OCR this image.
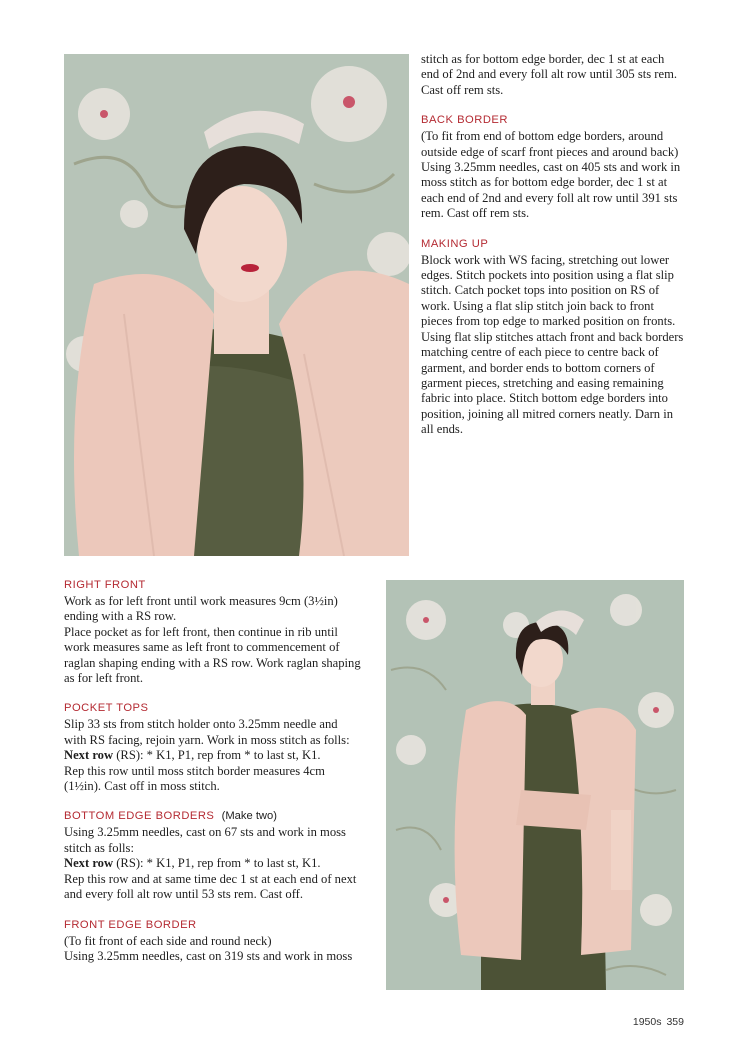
stitch as for bottom edge border, dec 1 st at each

end of 2nd and every foll alt row until 305 sts rem.

Cast off rem sts.

BACK BORDER

(To fit from end of bottom edge borders, around

outside edge of scarf front pieces and around back)

Using 3.25mm needles, cast on 405 sts and work in

moss stitch as for bottom edge border, dec 1 st at

each end of 2nd and every foll alt row until 391 sts

rem. Cast off rem sts.

MAKING UP

Block work with WS facing, stretching out lower

edges. Stitch pockets into position using a flat slip

stitch. Catch pocket tops into position on RS of

work. Using a flat slip stitch join back to front

pieces from top edge to marked position on fronts.

Using flat slip stitches attach front and back borders

matching centre of each piece to centre back of

garment, and border ends to bottom corners of

garment pieces, stretching and easing remaining

fabric into place. Stitch bottom edge borders into

position, joining all mitred corners neatly. Darn in

all ends.

RIGHT FRONT

Work as for left front until work measures 9cm (3½in)

ending with a RS row.

Place pocket as for left front, then continue in rib until

work measures same as left front to commencement of

raglan shaping ending with a RS row. Work raglan shaping

as for left front.

POCKET TOPS

Slip 33 sts from stitch holder onto 3.25mm needle and

with RS facing, rejoin yarn. Work in moss stitch as folls:

Next row (RS): * K1, P1, rep from * to last st, K1.

Rep this row until moss stitch border measures 4cm

(1½in). Cast off in moss stitch.

BOTTOM EDGE BORDERS (Make two)

Using 3.25mm needles, cast on 67 sts and work in moss

stitch as folls:

Next row (RS): * K1, P1, rep from * to last st, K1.

Rep this row and at same time dec 1 st at each end of next

and every foll alt row until 53 sts rem. Cast off.

FRONT EDGE BORDER

(To fit front of each side and round neck)

Using 3.25mm needles, cast on 319 sts and work in moss

1950s 359
